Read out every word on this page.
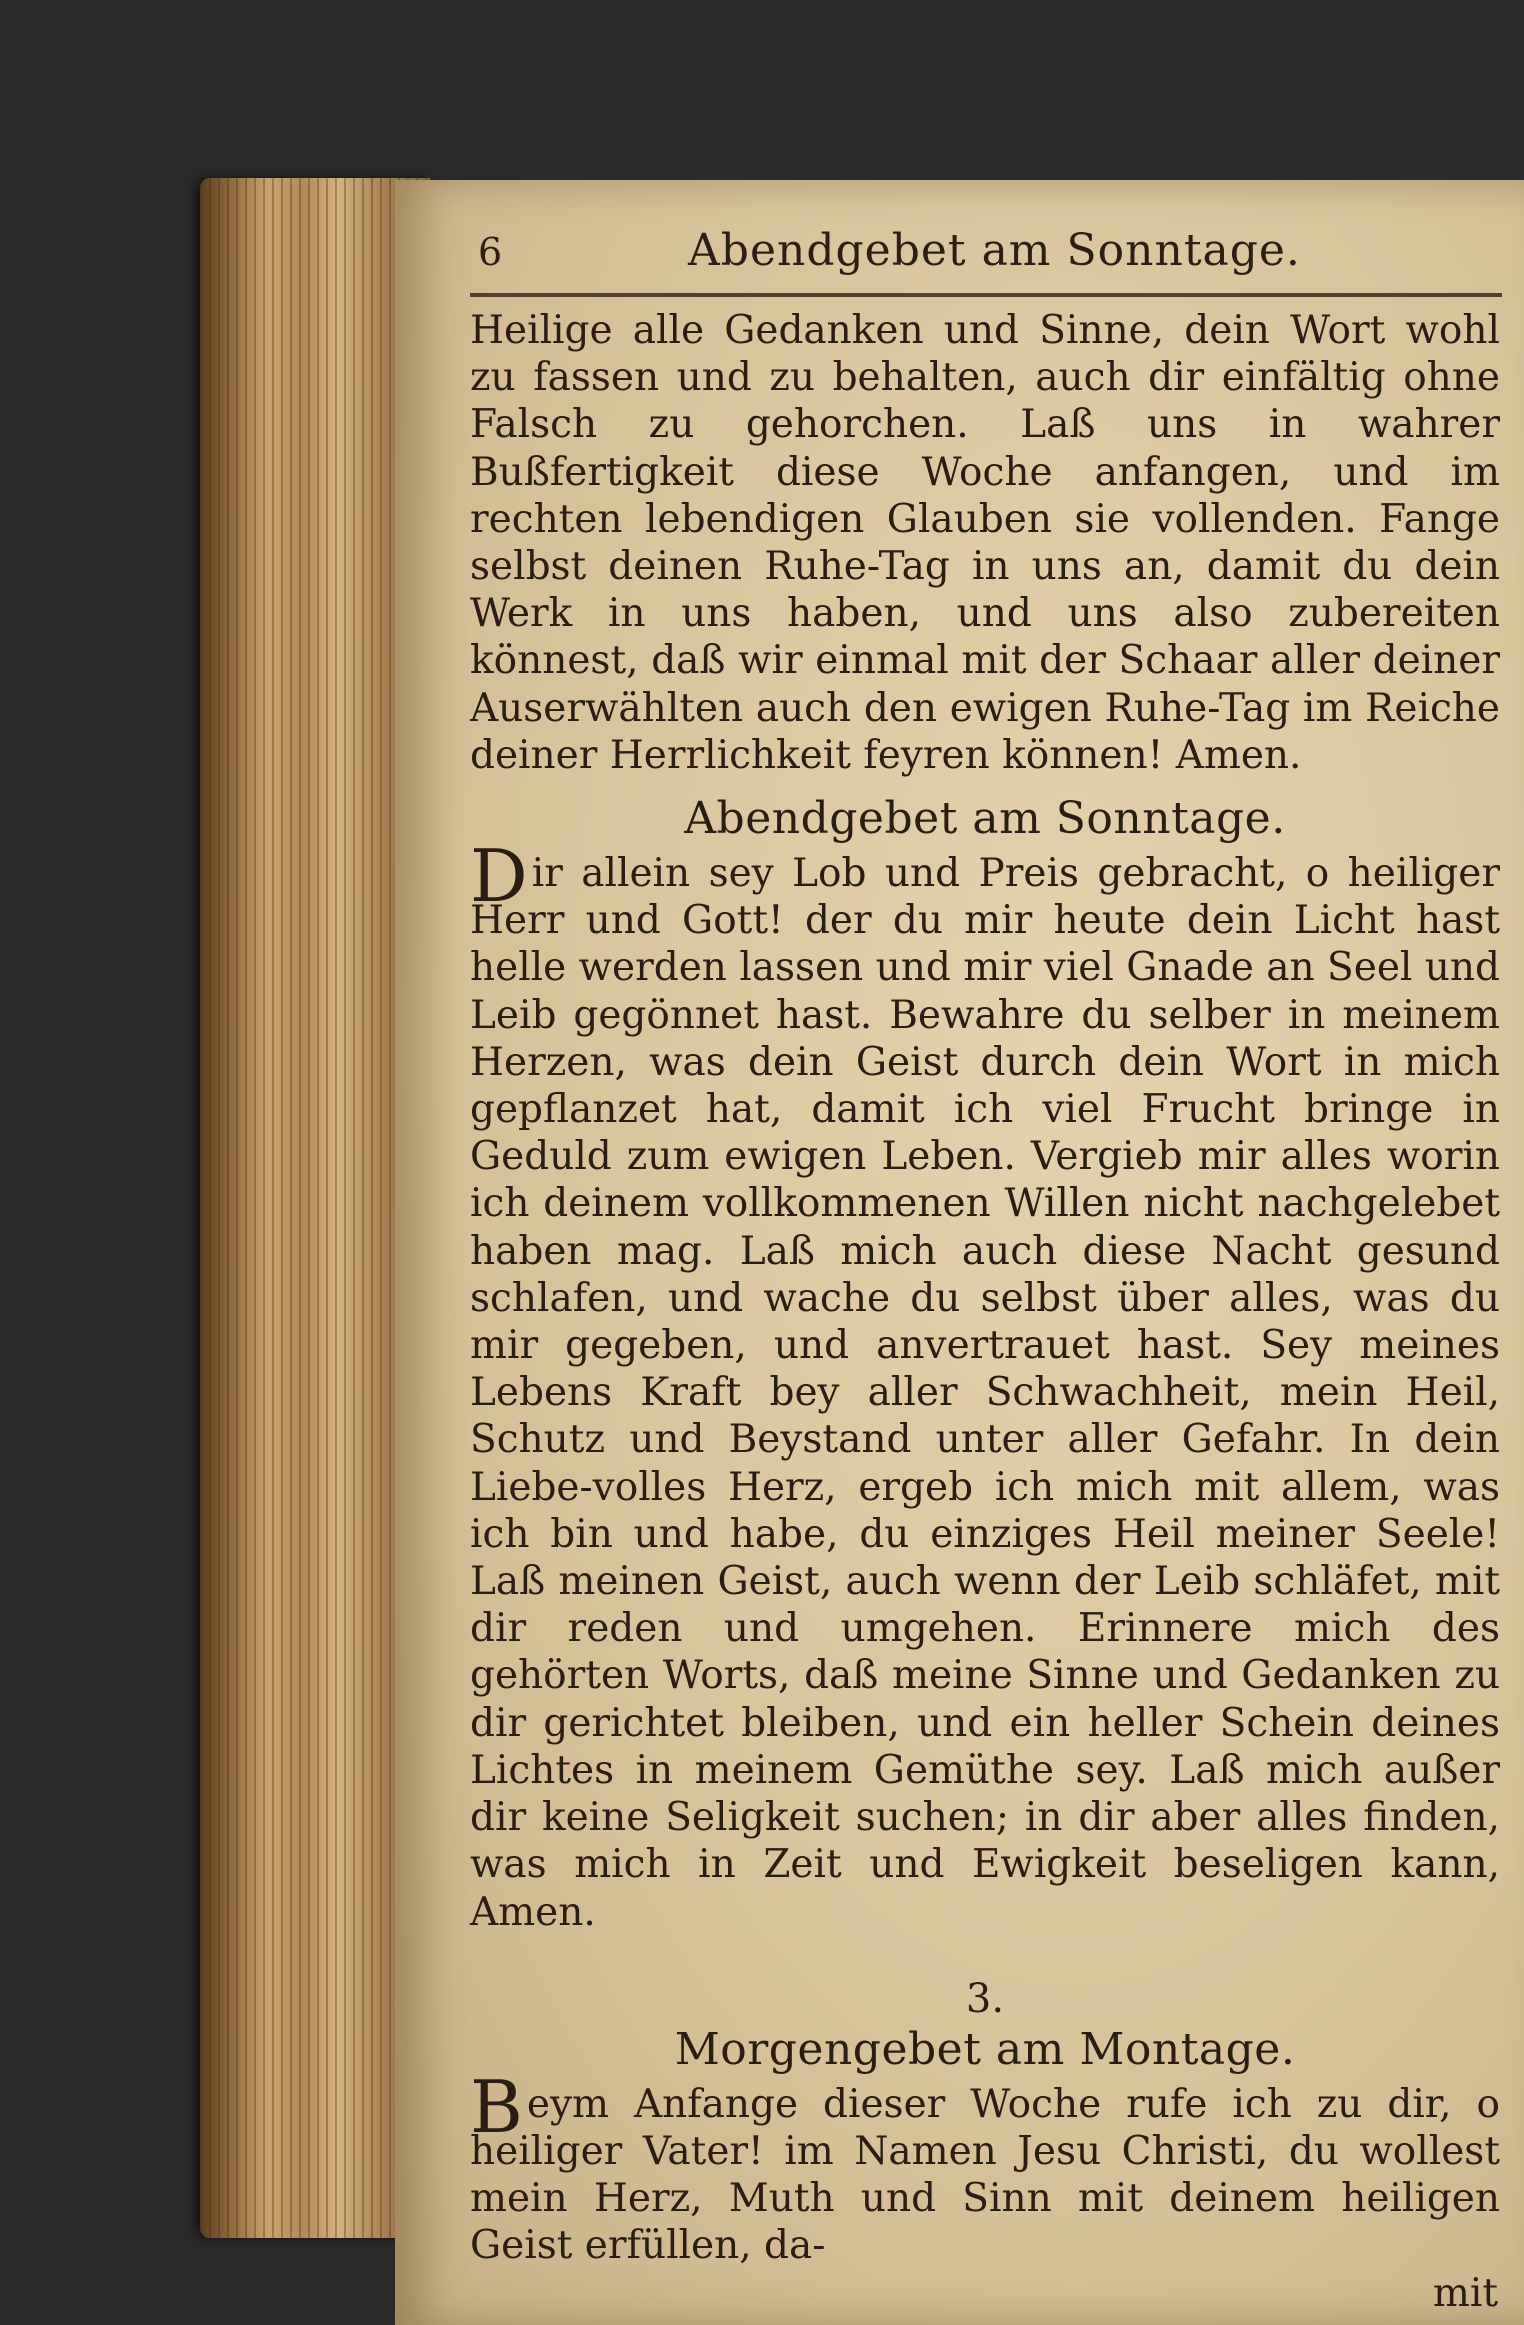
6	Abendgebet am Sonntage.

Heilige alle Gedanken und Sinne, dein Wort wohl zu fassen und zu behalten, auch dir einfältig ohne Falsch zu gehorchen. Laß uns in wahrer Bußfertigkeit diese Woche anfangen, und im rechten lebendigen Glauben sie vollenden. Fange selbst deinen Ruhe-Tag in uns an, damit du dein Werk in uns haben, und uns also zubereiten könnest, daß wir einmal mit der Schaar aller deiner Auserwählten auch den ewigen Ruhe-Tag im Reiche deiner Herrlichkeit feyren können! Amen.

Abendgebet am Sonntage.

Dir allein sey Lob und Preis gebracht, o heiliger Herr und Gott! der du mir heute dein Licht hast helle werden lassen und mir viel Gnade an Seel und Leib gegönnet hast. Bewahre du selber in meinem Herzen, was dein Geist durch dein Wort in mich gepflanzet hat, damit ich viel Frucht bringe in Geduld zum ewigen Leben. Vergieb mir alles worin ich deinem vollkommenen Willen nicht nachgelebet haben mag. Laß mich auch diese Nacht gesund schlafen, und wache du selbst über alles, was du mir gegeben, und anvertrauet hast. Sey meines Lebens Kraft bey aller Schwachheit, mein Heil, Schutz und Beystand unter aller Gefahr. In dein Liebe-volles Herz, ergeb ich mich mit allem, was ich bin und habe, du einziges Heil meiner Seele! Laß meinen Geist, auch wenn der Leib schläfet, mit dir reden und umgehen. Erinnere mich des gehörten Worts, daß meine Sinne und Gedanken zu dir gerichtet bleiben, und ein heller Schein deines Lichtes in meinem Gemüthe sey. Laß mich außer dir keine Seligkeit suchen; in dir aber alles finden, was mich in Zeit und Ewigkeit beseligen kann, Amen.

3.
Morgengebet am Montage.

Beym Anfange dieser Woche rufe ich zu dir, o heiliger Vater! im Namen Jesu Christi, du wollest mein Herz, Muth und Sinn mit deinem heiligen Geist erfüllen, da-

mit
